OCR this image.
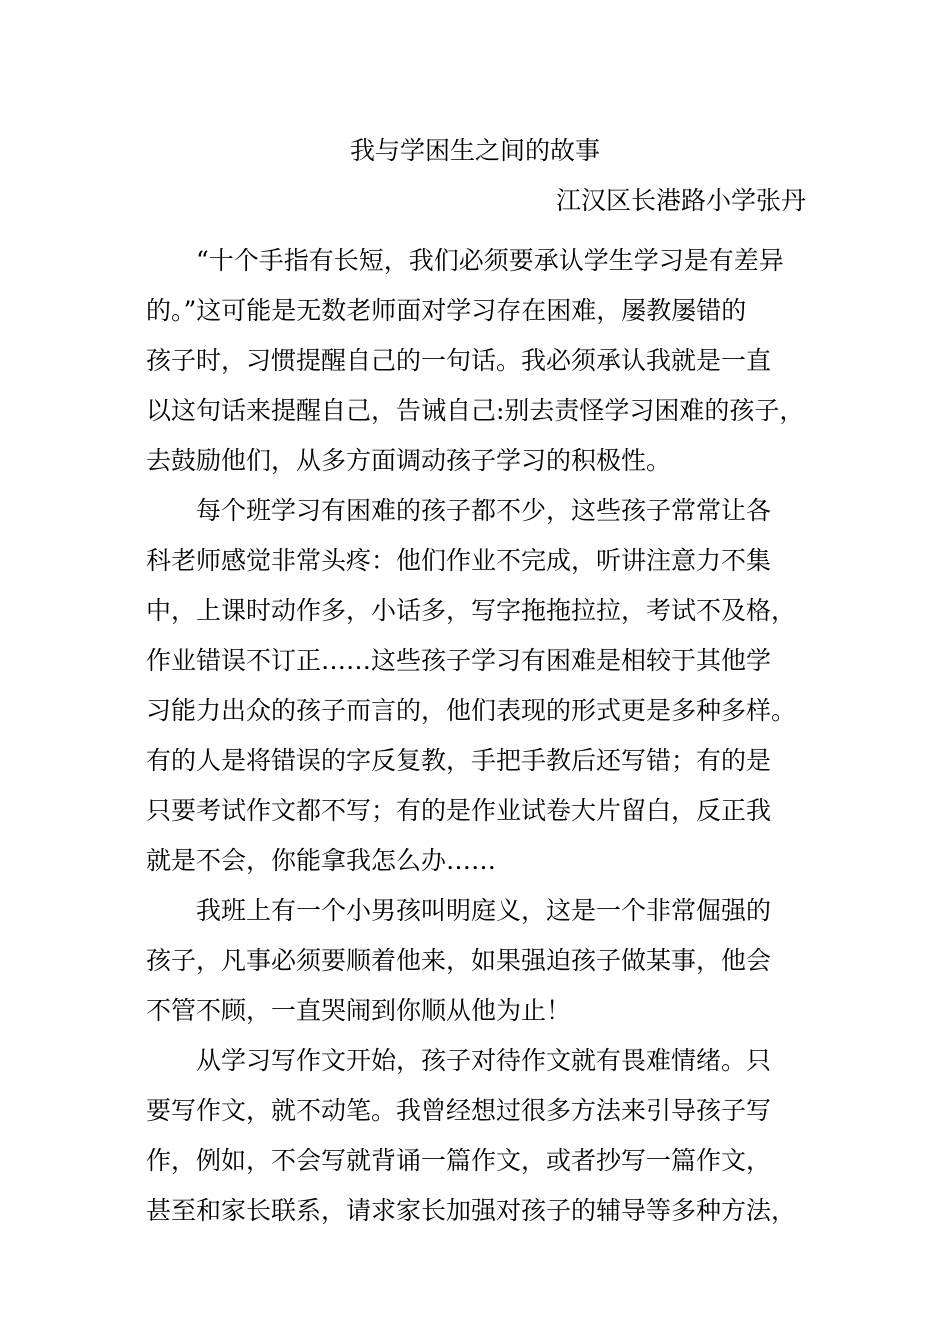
我与学困生之间的故事
江汉区长港路小学张丹
“十个手指有长短，我们必须要承认学生学习是有差异
的。”这可能是无数老师面对学习存在困难，屡教屡错的
孩子时，习惯提醒自己的一句话。我必须承认我就是一直
以这句话来提醒自己，告诫自己:别去责怪学习困难的孩子，
去鼓励他们，从多方面调动孩子学习的积极性。
每个班学习有困难的孩子都不少，这些孩子常常让各
科老师感觉非常头疼：他们作业不完成，听讲注意力不集
中，上课时动作多，小话多，写字拖拖拉拉，考试不及格，
作业错误不订正……这些孩子学习有困难是相较于其他学
习能力出众的孩子而言的，他们表现的形式更是多种多样。
有的人是将错误的字反复教，手把手教后还写错；有的是
只要考试作文都不写；有的是作业试卷大片留白，反正我
就是不会，你能拿我怎么办……
我班上有一个小男孩叫明庭义，这是一个非常倔强的
孩子，凡事必须要顺着他来，如果强迫孩子做某事，他会
不管不顾，一直哭闹到你顺从他为止！
从学习写作文开始，孩子对待作文就有畏难情绪。只
要写作文，就不动笔。我曾经想过很多方法来引导孩子写
作，例如，不会写就背诵一篇作文，或者抄写一篇作文，
甚至和家长联系，请求家长加强对孩子的辅导等多种方法，
